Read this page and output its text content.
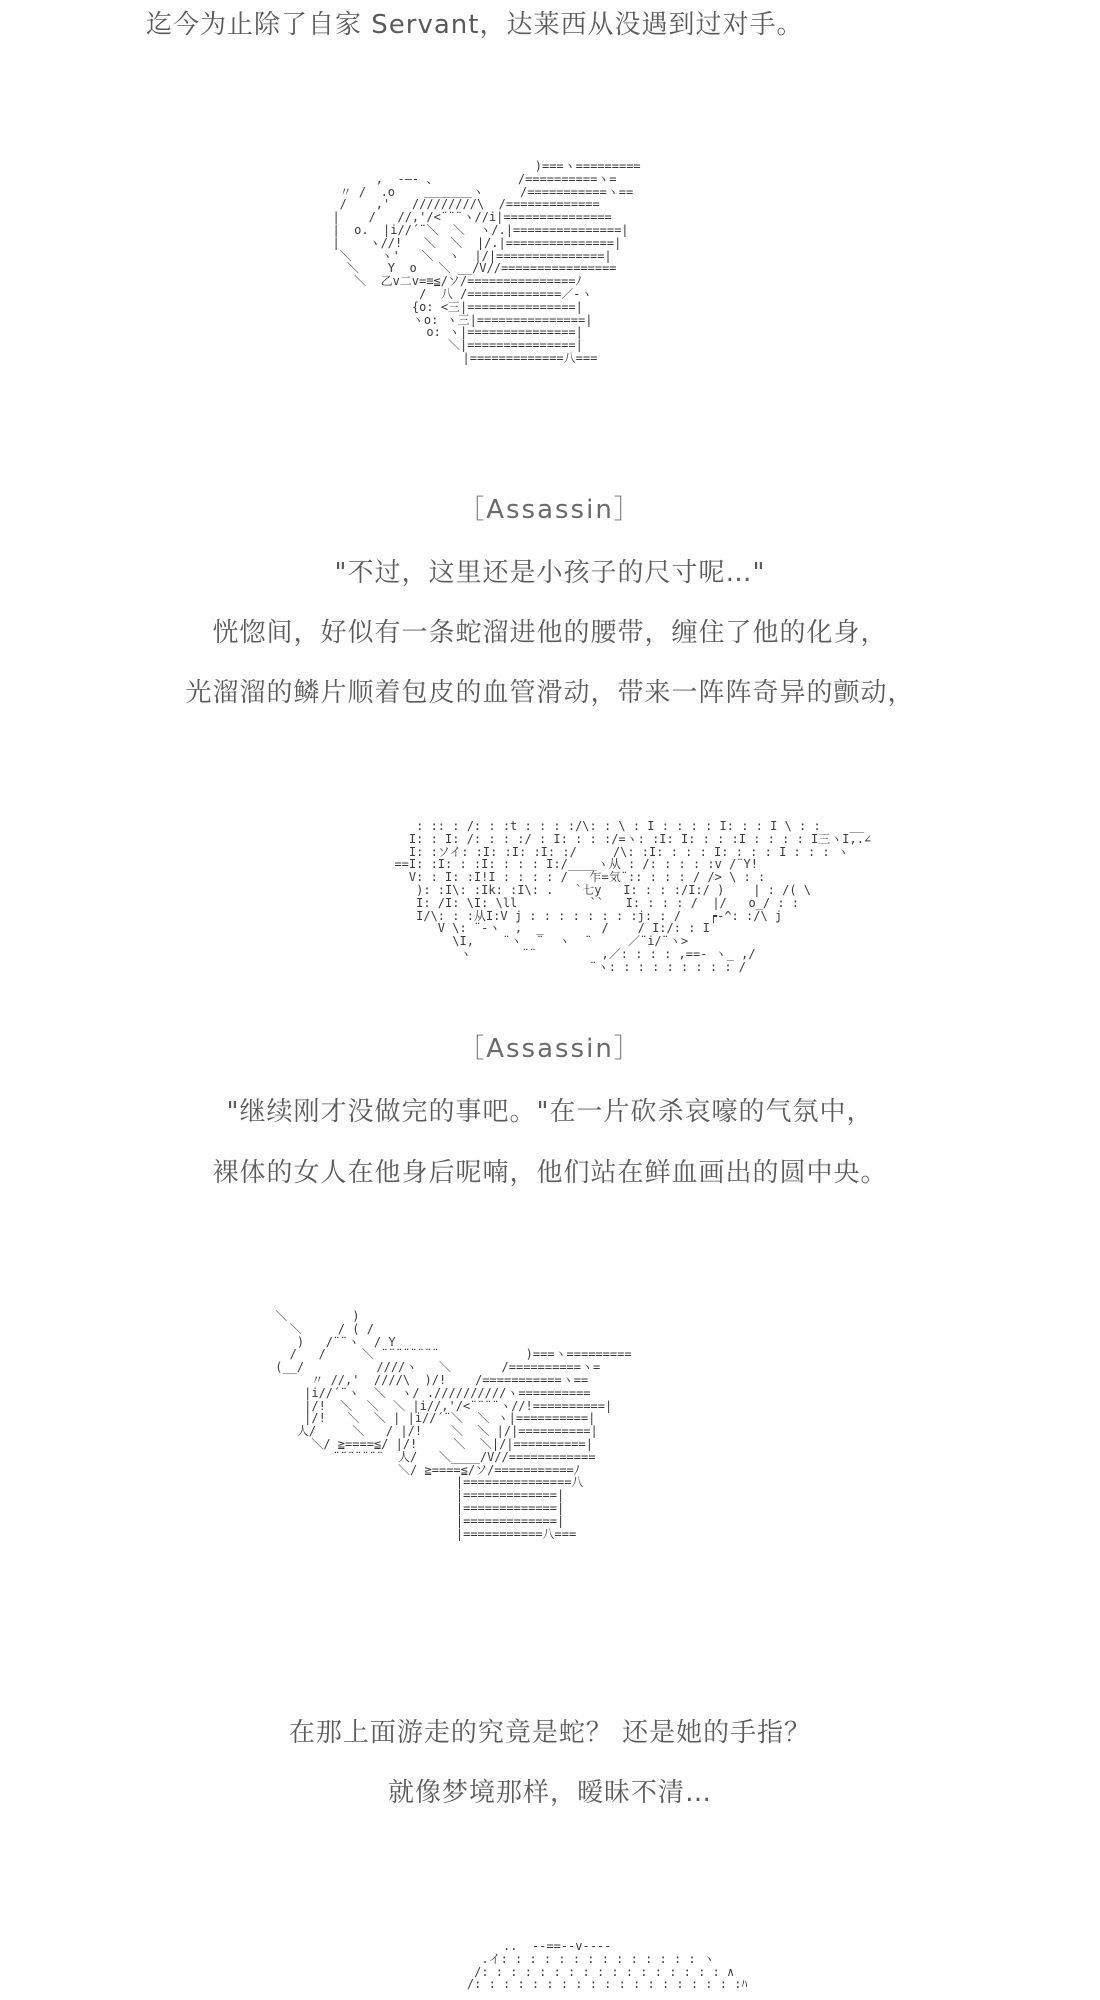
迄今为止除了自家 Servant，达莱西从没遇到过对手。
)===ヽ=========
,  -―- 、           /==========ヽ=
〃 /  .o    ＿＿＿＿ヽ     /===========ヽ==
/    ,'   /////////\  /=============
|    /   //,'/<¨¨¨ヽ//i|===============
|  o.  |i//´¨＼  ＼  ヽ/.|===============|
|    ヽ//!   ＼  ＼  |/.|===============|
＼    ヽ'   ＼  ヽ  |/|===============|
＼    Y  o   ＼ __/V//================
＼  乙v二v=≡≦/ソ/===============ﾉ
/  八 /=============／-ヽ
{o: <三|===============|
ヽo: ヽ三|===============|
o: ヽ|===============|
＼|===============|
|=============八===
［Assassin］
"不过，这里还是小孩子的尺寸呢…"
恍惚间，好似有一条蛇溜进他的腰带，缠住了他的化身，
光溜溜的鳞片顺着包皮的血管滑动，带来一阵阵奇异的颤动，
: :: : /: : :t : : : :/\: : \ : I : : : : I: : : I \ : :    __
I: : I: /: : : :/ : I: : : :/=ヽ: :I: I: : : :I : : : : I三ヽI,.∠
I: :ソイ: :I: :I: :I: :/     /\: :I: : : : I: : : : I : : : ヽ
==I: :I: : :I: : : : I:/____ヽ从 : /: : : : :v /¨Y!
V: : I: :I!I : : : : /   乍=気¨:: : : : / /> \ : :
): :I\: :Ik: :I\: .   `七y   I: : : :/I:/ )    | : /( \
I: /I: \I: \ll          ``   I: : : : /  |/   o_/ : :
I/\: : :从I:V j : : : : : : : :j: : /    ┍‐^: :/\ j
V \: ¨-ヽ  ,  _        /    / I:/: : I
\I,    ¨ヽ  ¨  ヽ  ¨     ／¨i/¨ヽ>
ヽ       ¨¨         ,／: : : : ,==‐ ヽ_ ,/
¨ヽ: : : : : : : : : /
［Assassin］
"继续刚才没做完的事吧。"在一片砍杀哀嚎的气氛中，
裸体的女人在他身后呢喃，他们站在鲜血画出的圆中央。
＼         )
＼     / ( /
)   /¨¨ヽ  / Y
/   /     ＼ ¨¨¨¨¨¨¨¨            )===ヽ=========
(__/          ////ヽ   ＼       /==========ヽ=
〃 //,'  ////\  )/!    /===========ヽ==
|i//´¨ヽ  ＼  ヽ/ .//////////ヽ==========
|/!  ＼  ＼  ＼ |i//,'/<¨¨¨¨ヽ//!==========|
|/!   ＼  ＼ | |i//´¨＼  ＼ ヽ|==========|
人/     ＼   / |/!    ＼  ＼ |/|==========|
＼/ ≧====≦/ |/!     ＼  ＼|/|==========|
¨¨¨¨¨¨¨  人/   ＼____/V//============
＼/ ≧====≦/ソ/===========ﾉ
|===============八
|=============|
|=============|
|=============|
|===========八===
在那上面游走的究竟是蛇？ 还是她的手指？
就像梦境那样，暧昧不清…
..  ‐‐==‐‐v‐‐-‐
.イ: : : : : : : : : : : : : : ヽ
/: : : : : : : : : : : : : : : : : ∧
/: : : : : : : : : : : : : : : : : : :ﾊ
